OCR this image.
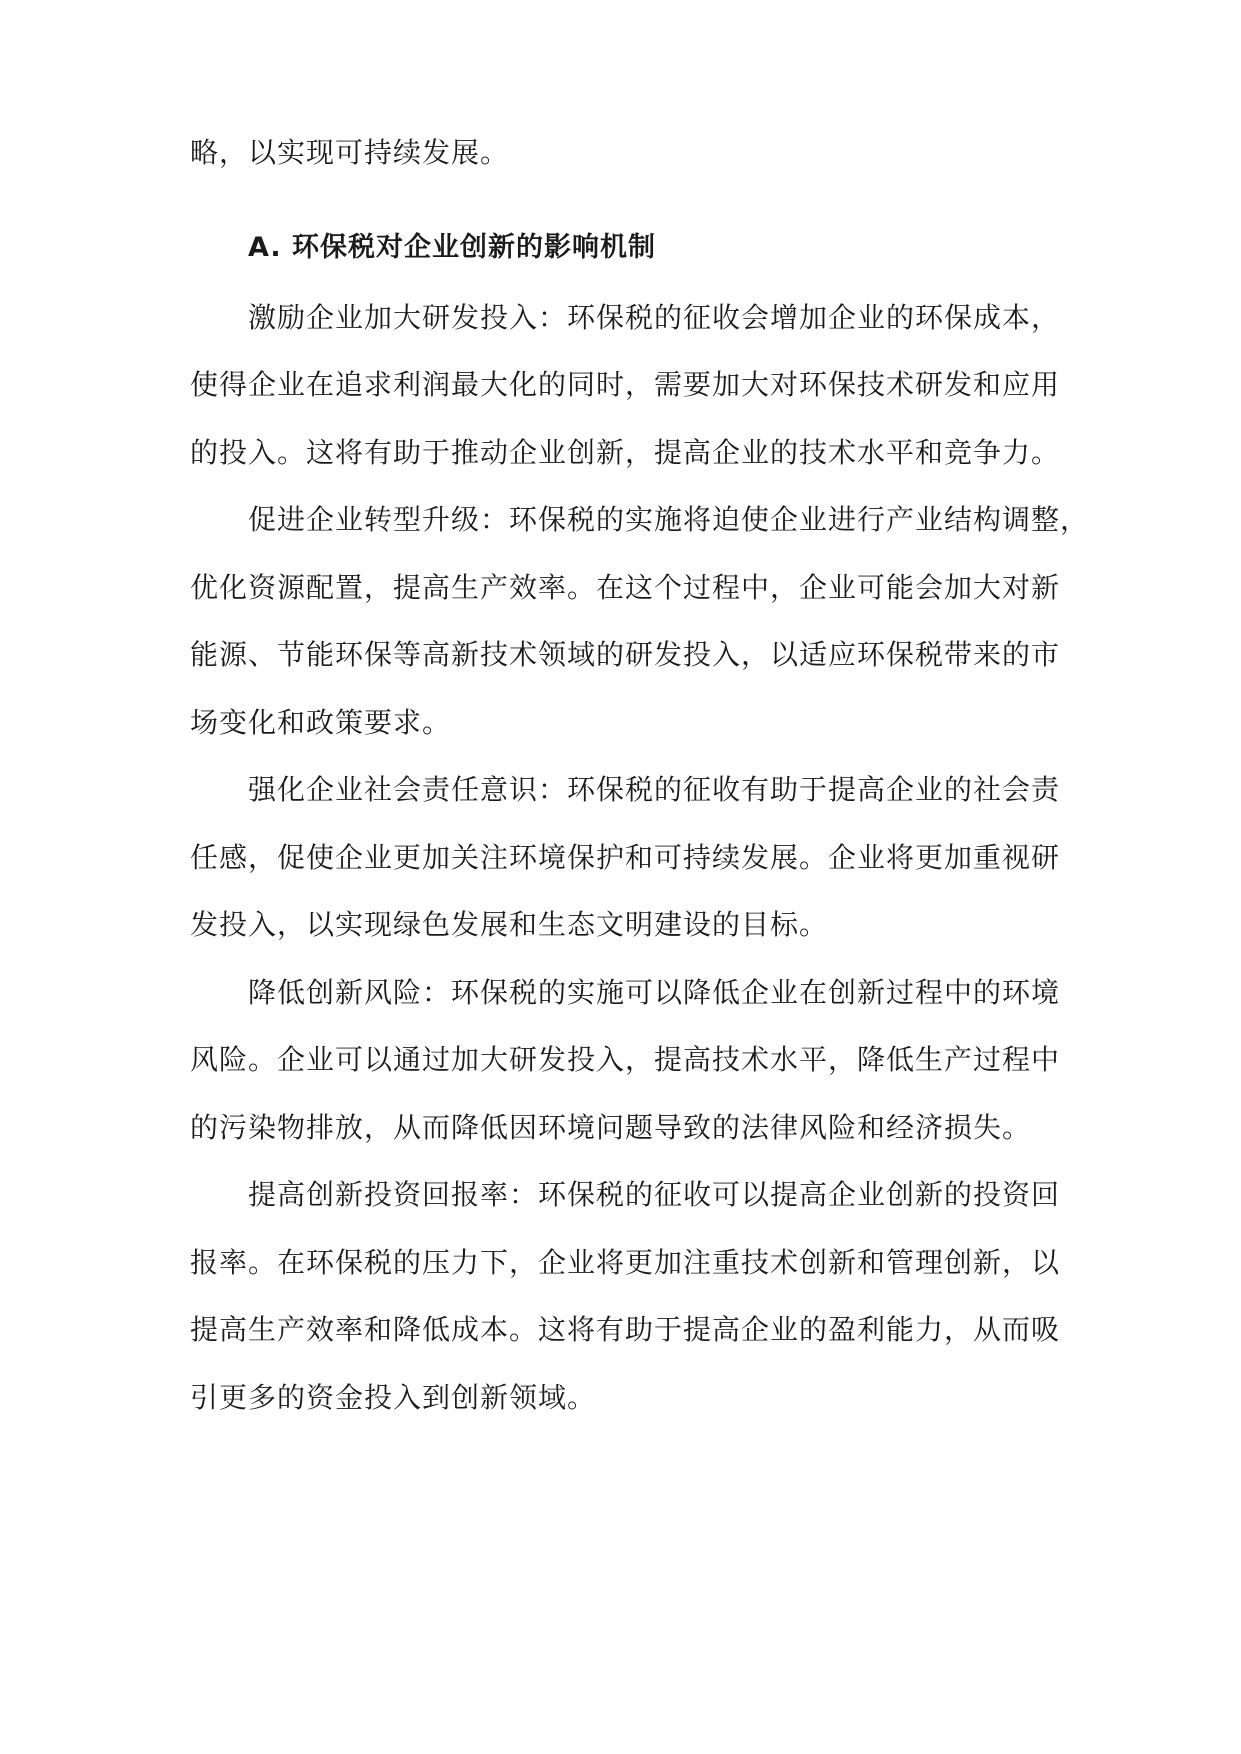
略，以实现可持续发展。
A. 环保税对企业创新的影响机制
激励企业加大研发投入：环保税的征收会增加企业的环保成本，
使得企业在追求利润最大化的同时，需要加大对环保技术研发和应用
的投入。这将有助于推动企业创新，提高企业的技术水平和竞争力。
促进企业转型升级：环保税的实施将迫使企业进行产业结构调整，
优化资源配置，提高生产效率。在这个过程中，企业可能会加大对新
能源、节能环保等高新技术领域的研发投入，以适应环保税带来的市
场变化和政策要求。
强化企业社会责任意识：环保税的征收有助于提高企业的社会责
任感，促使企业更加关注环境保护和可持续发展。企业将更加重视研
发投入，以实现绿色发展和生态文明建设的目标。
降低创新风险：环保税的实施可以降低企业在创新过程中的环境
风险。企业可以通过加大研发投入，提高技术水平，降低生产过程中
的污染物排放，从而降低因环境问题导致的法律风险和经济损失。
提高创新投资回报率：环保税的征收可以提高企业创新的投资回
报率。在环保税的压力下，企业将更加注重技术创新和管理创新，以
提高生产效率和降低成本。这将有助于提高企业的盈利能力，从而吸
引更多的资金投入到创新领域。
